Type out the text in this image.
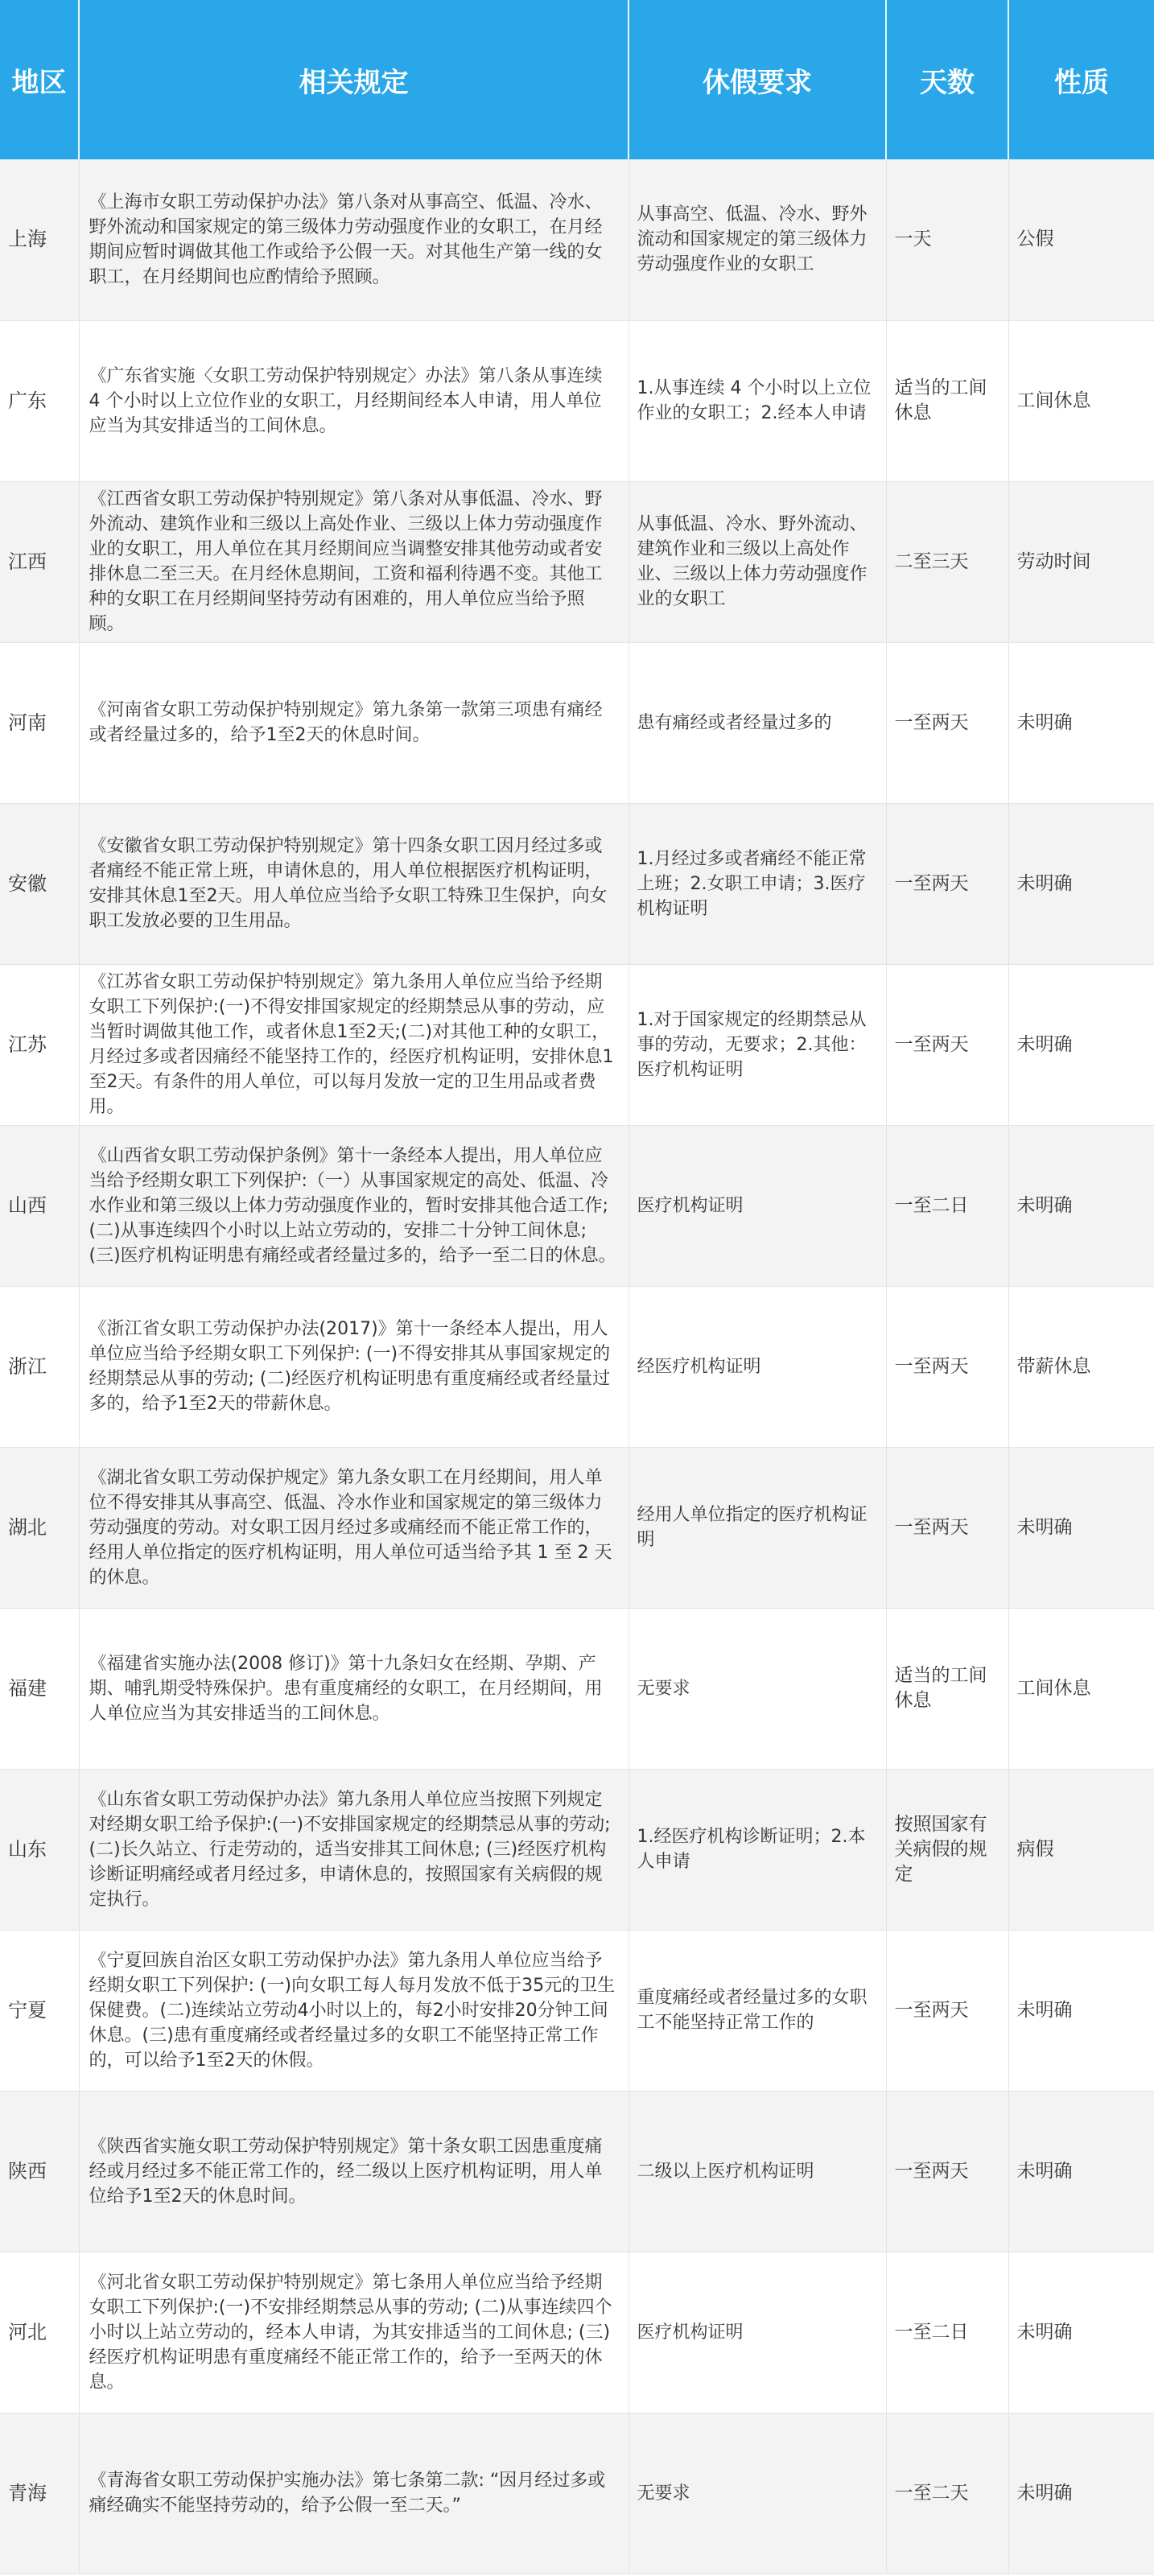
地区	相关规定	休假要求	天数	性质
上海	《上海市女职工劳动保护办法》第八条对从事高空、低温、冷水、野外流动和国家规定的第三级体力劳动强度作业的女职工，在月经期间应暂时调做其他工作或给予公假一天。对其他生产第一线的女职工，在月经期间也应酌情给予照顾。	从事高空、低温、冷水、野外流动和国家规定的第三级体力劳动强度作业的女职工	一天	公假
广东	《广东省实施〈女职工劳动保护特别规定〉办法》第八条从事连续 4 个小时以上立位作业的女职工，月经期间经本人申请，用人单位应当为其安排适当的工间休息。	1.从事连续 4 个小时以上立位作业的女职工；2.经本人申请	适当的工间休息	工间休息
江西	《江西省女职工劳动保护特别规定》第八条对从事低温、冷水、野外流动、建筑作业和三级以上高处作业、三级以上体力劳动强度作业的女职工，用人单位在其月经期间应当调整安排其他劳动或者安排休息二至三天。在月经休息期间，工资和福利待遇不变。其他工种的女职工在月经期间坚持劳动有困难的，用人单位应当给予照顾。	从事低温、冷水、野外流动、建筑作业和三级以上高处作业、三级以上体力劳动强度作业的女职工	二至三天	劳动时间
河南	《河南省女职工劳动保护特别规定》第九条第一款第三项患有痛经或者经量过多的，给予1至2天的休息时间。	患有痛经或者经量过多的	一至两天	未明确
安徽	《安徽省女职工劳动保护特别规定》第十四条女职工因月经过多或者痛经不能正常上班，申请休息的，用人单位根据医疗机构证明，安排其休息1至2天。用人单位应当给予女职工特殊卫生保护，向女职工发放必要的卫生用品。	1.月经过多或者痛经不能正常上班；2.女职工申请；3.医疗机构证明	一至两天	未明确
江苏	《江苏省女职工劳动保护特别规定》第九条用人单位应当给予经期女职工下列保护:(一)不得安排国家规定的经期禁忌从事的劳动，应当暂时调做其他工作，或者休息1至2天;(二)对其他工种的女职工，月经过多或者因痛经不能坚持工作的，经医疗机构证明，安排休息1至2天。有条件的用人单位，可以每月发放一定的卫生用品或者费用。	1.对于国家规定的经期禁忌从事的劳动，无要求；2.其他：医疗机构证明	一至两天	未明确
山西	《山西省女职工劳动保护条例》第十一条经本人提出，用人单位应当给予经期女职工下列保护:（一）从事国家规定的高处、低温、冷水作业和第三级以上体力劳动强度作业的，暂时安排其他合适工作; (二)从事连续四个小时以上站立劳动的，安排二十分钟工间休息; (三)医疗机构证明患有痛经或者经量过多的，给予一至二日的休息。	医疗机构证明	一至二日	未明确
浙江	《浙江省女职工劳动保护办法(2017)》第十一条经本人提出，用人单位应当给予经期女职工下列保护: (一)不得安排其从事国家规定的经期禁忌从事的劳动; (二)经医疗机构证明患有重度痛经或者经量过多的，给予1至2天的带薪休息。	经医疗机构证明	一至两天	带薪休息
湖北	《湖北省女职工劳动保护规定》第九条女职工在月经期间，用人单位不得安排其从事高空、低温、冷水作业和国家规定的第三级体力劳动强度的劳动。对女职工因月经过多或痛经而不能正常工作的，经用人单位指定的医疗机构证明，用人单位可适当给予其 1 至 2 天的休息。	经用人单位指定的医疗机构证明	一至两天	未明确
福建	《福建省实施办法(2008 修订)》第十九条妇女在经期、孕期、产期、哺乳期受特殊保护。患有重度痛经的女职工，在月经期间，用人单位应当为其安排适当的工间休息。	无要求	适当的工间休息	工间休息
山东	《山东省女职工劳动保护办法》第九条用人单位应当按照下列规定对经期女职工给予保护:(一)不安排国家规定的经期禁忌从事的劳动; (二)长久站立、行走劳动的，适当安排其工间休息; (三)经医疗机构诊断证明痛经或者月经过多，申请休息的，按照国家有关病假的规定执行。	1.经医疗机构诊断证明；2.本人申请	按照国家有关病假的规定	病假
宁夏	《宁夏回族自治区女职工劳动保护办法》第九条用人单位应当给予经期女职工下列保护: (一)向女职工每人每月发放不低于35元的卫生保健费。(二)连续站立劳动4小时以上的，每2小时安排20分钟工间休息。(三)患有重度痛经或者经量过多的女职工不能坚持正常工作的，可以给予1至2天的休假。	重度痛经或者经量过多的女职工不能坚持正常工作的	一至两天	未明确
陕西	《陕西省实施女职工劳动保护特别规定》第十条女职工因患重度痛经或月经过多不能正常工作的，经二级以上医疗机构证明，用人单位给予1至2天的休息时间。	二级以上医疗机构证明	一至两天	未明确
河北	《河北省女职工劳动保护特别规定》第七条用人单位应当给予经期女职工下列保护:(一)不安排经期禁忌从事的劳动; (二)从事连续四个小时以上站立劳动的，经本人申请，为其安排适当的工间休息; (三)经医疗机构证明患有重度痛经不能正常工作的，给予一至两天的休息。	医疗机构证明	一至二日	未明确
青海	《青海省女职工劳动保护实施办法》第七条第二款: “因月经过多或痛经确实不能坚持劳动的，给予公假一至二天。”	无要求	一至二天	未明确
